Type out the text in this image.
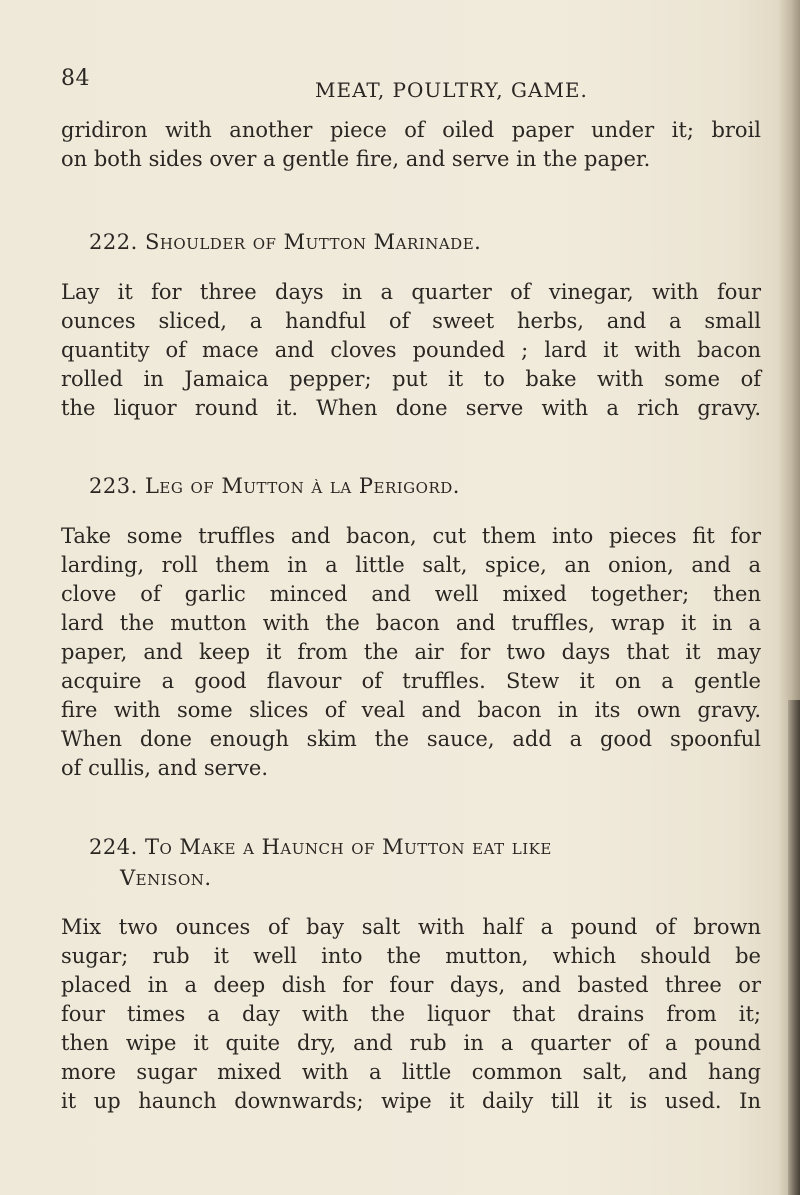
84	MEAT, POULTRY, GAME.
gridiron with another piece of oiled paper under it; broil
on both sides over a gentle fire, and serve in the paper.
222. Shoulder of Mutton Marinade.
Lay it for three days in a quarter of vinegar, with four
ounces sliced, a handful of sweet herbs, and a small
quantity of mace and cloves pounded ; lard it with bacon
rolled in Jamaica pepper; put it to bake with some of
the liquor round it. When done serve with a rich gravy.
223. Leg of Mutton à la Perigord.
Take some truffles and bacon, cut them into pieces fit for
larding, roll them in a little salt, spice, an onion, and a
clove of garlic minced and well mixed together; then
lard the mutton with the bacon and truffles, wrap it in a
paper, and keep it from the air for two days that it may
acquire a good flavour of truffles. Stew it on a gentle
fire with some slices of veal and bacon in its own gravy.
When done enough skim the sauce, add a good spoonful
of cullis, and serve.
224. To Make a Haunch of Mutton eat like
Venison.
Mix two ounces of bay salt with half a pound of brown
sugar; rub it well into the mutton, which should be
placed in a deep dish for four days, and basted three or
four times a day with the liquor that drains from it;
then wipe it quite dry, and rub in a quarter of a pound
more sugar mixed with a little common salt, and hang
it up haunch downwards; wipe it daily till it is used. In
